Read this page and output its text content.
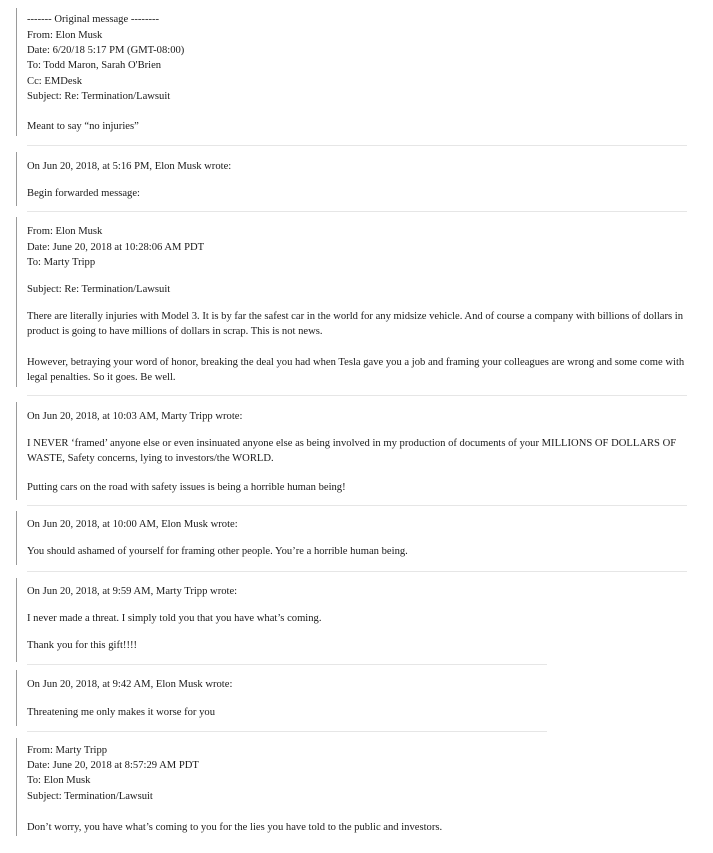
------- Original message --------
From: Elon Musk
Date: 6/20/18 5:17 PM (GMT-08:00)
To: Todd Maron, Sarah O'Brien
Cc: EMDesk
Subject: Re: Termination/Lawsuit
Meant to say “no injuries”
On Jun 20, 2018, at 5:16 PM, Elon Musk wrote:
Begin forwarded message:
From: Elon Musk
Date: June 20, 2018 at 10:28:06 AM PDT
To: Marty Tripp
Subject: Re: Termination/Lawsuit
There are literally injuries with Model 3. It is by far the safest car in the world for any midsize vehicle. And of course a company with billions of dollars in product is going to have millions of dollars in scrap. This is not news.
However, betraying your word of honor, breaking the deal you had when Tesla gave you a job and framing your colleagues are wrong and some come with legal penalties. So it goes. Be well.
On Jun 20, 2018, at 10:03 AM, Marty Tripp wrote:
I NEVER ‘framed’ anyone else or even insinuated anyone else as being involved in my production of documents of your MILLIONS OF DOLLARS OF WASTE, Safety concerns, lying to investors/the WORLD.
Putting cars on the road with safety issues is being a horrible human being!
On Jun 20, 2018, at 10:00 AM, Elon Musk wrote:
You should ashamed of yourself for framing other people. You’re a horrible human being.
On Jun 20, 2018, at 9:59 AM, Marty Tripp wrote:
I never made a threat. I simply told you that you have what’s coming.
Thank you for this gift!!!!
On Jun 20, 2018, at 9:42 AM, Elon Musk wrote:
Threatening me only makes it worse for you
From: Marty Tripp
Date: June 20, 2018 at 8:57:29 AM PDT
To: Elon Musk
Subject: Termination/Lawsuit
Don’t worry, you have what’s coming to you for the lies you have told to the public and investors.
